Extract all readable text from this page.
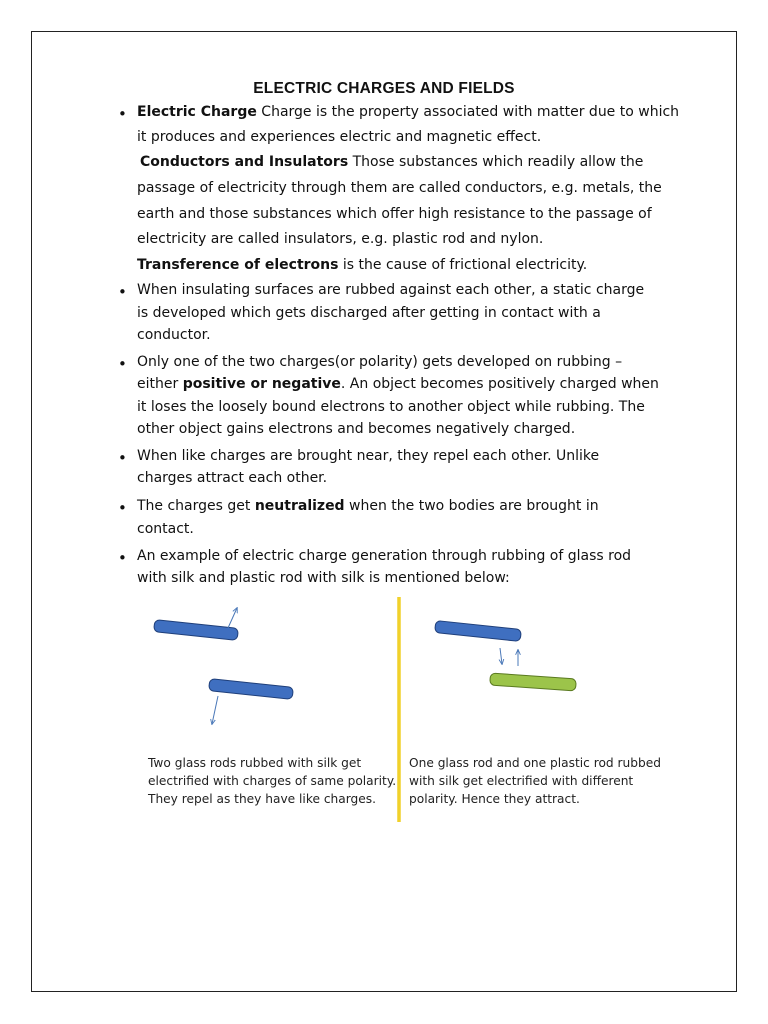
ELECTRIC CHARGES AND FIELDS
• Electric Charge Charge is the property associated with matter due to which
it produces and experiences electric and magnetic effect.
Conductors and Insulators Those substances which readily allow the
passage of electricity through them are called conductors, e.g. metals, the
earth and those substances which offer high resistance to the passage of
electricity are called insulators, e.g. plastic rod and nylon.
Transference of electrons is the cause of frictional electricity.
• When insulating surfaces are rubbed against each other, a static charge
is developed which gets discharged after getting in contact with a
conductor.
• Only one of the two charges(or polarity) gets developed on rubbing –
either positive or negative. An object becomes positively charged when
it loses the loosely bound electrons to another object while rubbing. The
other object gains electrons and becomes negatively charged.
• When like charges are brought near, they repel each other. Unlike
charges attract each other.
• The charges get neutralized when the two bodies are brought in
contact.
• An example of electric charge generation through rubbing of glass rod
with silk and plastic rod with silk is mentioned below:
Two glass rods rubbed with silk get
electrified with charges of same polarity.
They repel as they have like charges.
One glass rod and one plastic rod rubbed
with silk get electrified with different
polarity. Hence they attract.
